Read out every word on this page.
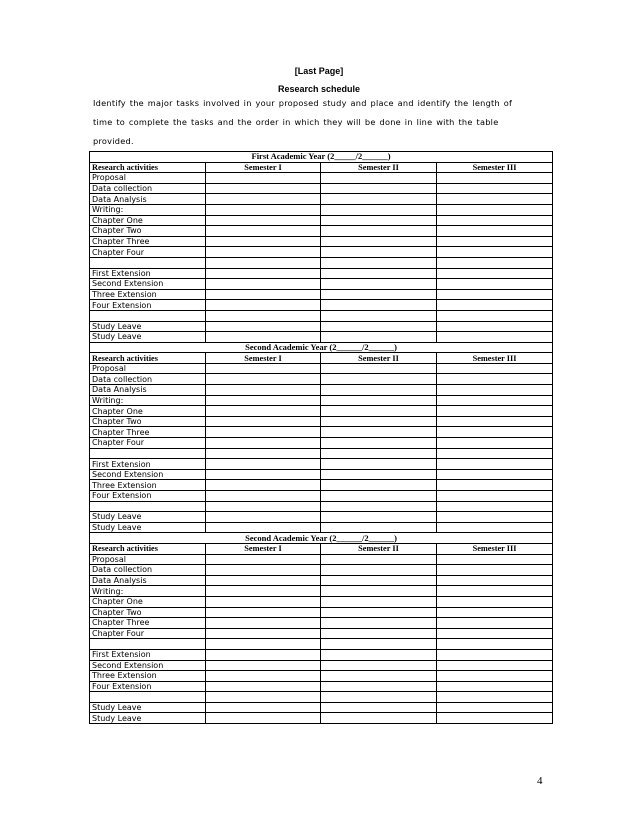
[Last Page]
Research schedule
Identify the major tasks involved in your proposed study and place and identify the length of
time to complete the tasks and the order in which they will be done in line with the table
provided.
First Academic Year (2_____/2______)			
Research activities	Semester I	Semester II	Semester III
Proposal			
Data collection			
Data Analysis			
Writing:			
Chapter One			
Chapter Two			
Chapter Three			
Chapter Four			

First Extension			
Second Extension			
Three Extension			
Four Extension			

Study Leave			
Study Leave			
Second Academic Year (2______/2______)			
Research activities	Semester I	Semester II	Semester III
Proposal			
Data collection			
Data Analysis			
Writing:			
Chapter One			
Chapter Two			
Chapter Three			
Chapter Four			

First Extension			
Second Extension			
Three Extension			
Four Extension			

Study Leave			
Study Leave			
Second Academic Year (2______/2______)			
Research activities	Semester I	Semester II	Semester III
Proposal			
Data collection			
Data Analysis			
Writing:			
Chapter One			
Chapter Two			
Chapter Three			
Chapter Four			

First Extension			
Second Extension			
Three Extension			
Four Extension			

Study Leave			
Study Leave			
4
